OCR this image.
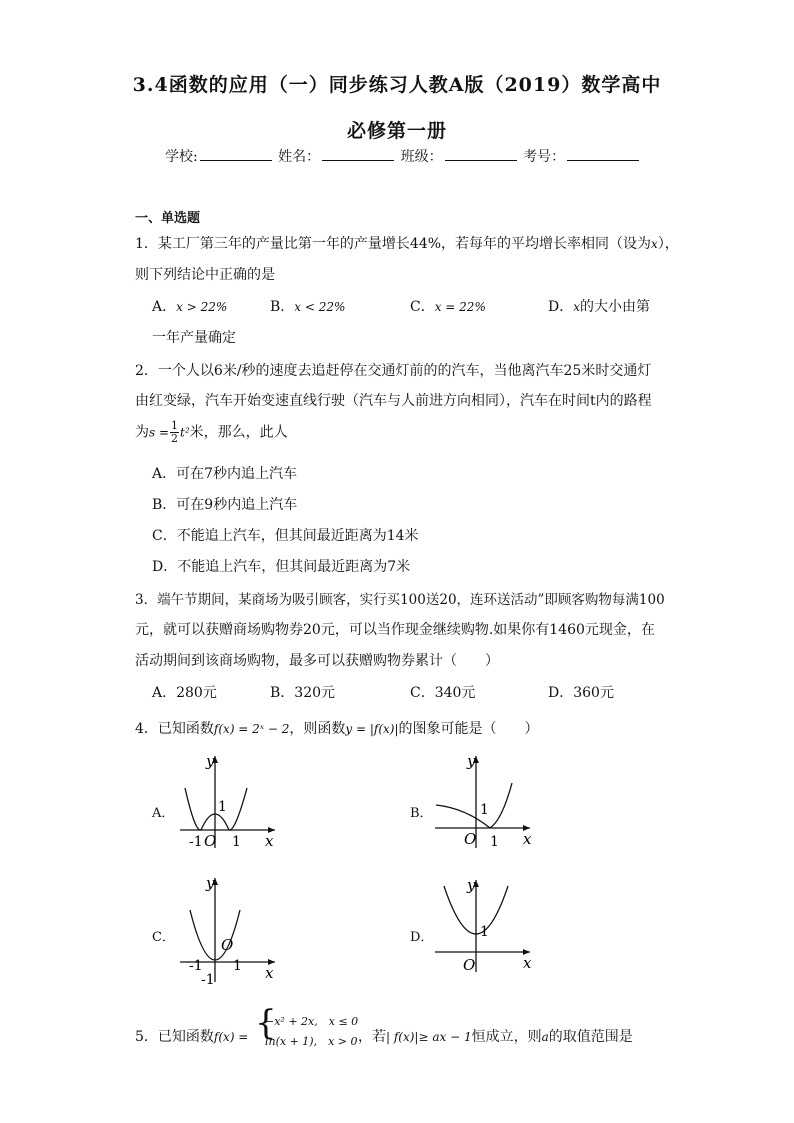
3.4函数的应用（一）同步练习人教A版（2019）数学高中
必修第一册
学校:	姓名：	班级：	考号：
一、单选题
1．某工厂第三年的产量比第一年的产量增长44%，若每年的平均增长率相同（设为x），
则下列结论中正确的是
A．x > 22%	B．x < 22%	C．x = 22%	D．x的大小由第
一年产量确定
2．一个人以6米/秒的速度去追赶停在交通灯前的的汽车，当他离汽车25米时交通灯
由红变绿，汽车开始变速直线行驶（汽车与人前进方向相同），汽车在时间t内的路程
为$s = \frac{1}{2} t^2$米，那么，此人
A．可在7秒内追上汽车
B．可在9秒内追上汽车
C．不能追上汽车，但其间最近距离为14米
D．不能追上汽车，但其间最近距离为7米
3．端午节期间，某商场为吸引顾客，实行买100送20，连环送活动”即顾客购物每满100
元，就可以获赠商场购物券20元，可以当作现金继续购物.如果你有1460元现金，在
活动期间到该商场购物，最多可以获赠购物券累计（　　）
A．280元	B．320元	C．340元	D．360元
4．已知函数f(x) = 2ˣ − 2，则函数y = |f(x)|的图象可能是（　　）
A．
y
x
1
-1 O 1
B．
y
x
1
O 1
C．
y
x
O
-1 1
-1
D．
y
x
1
O
5．已知函数f(x) = {
−x² + 2x,　x ≤ 0
ln(x + 1),　x > 0 ，若| f(x)|≥ ax − 1恒成立，则a的取值范围是
